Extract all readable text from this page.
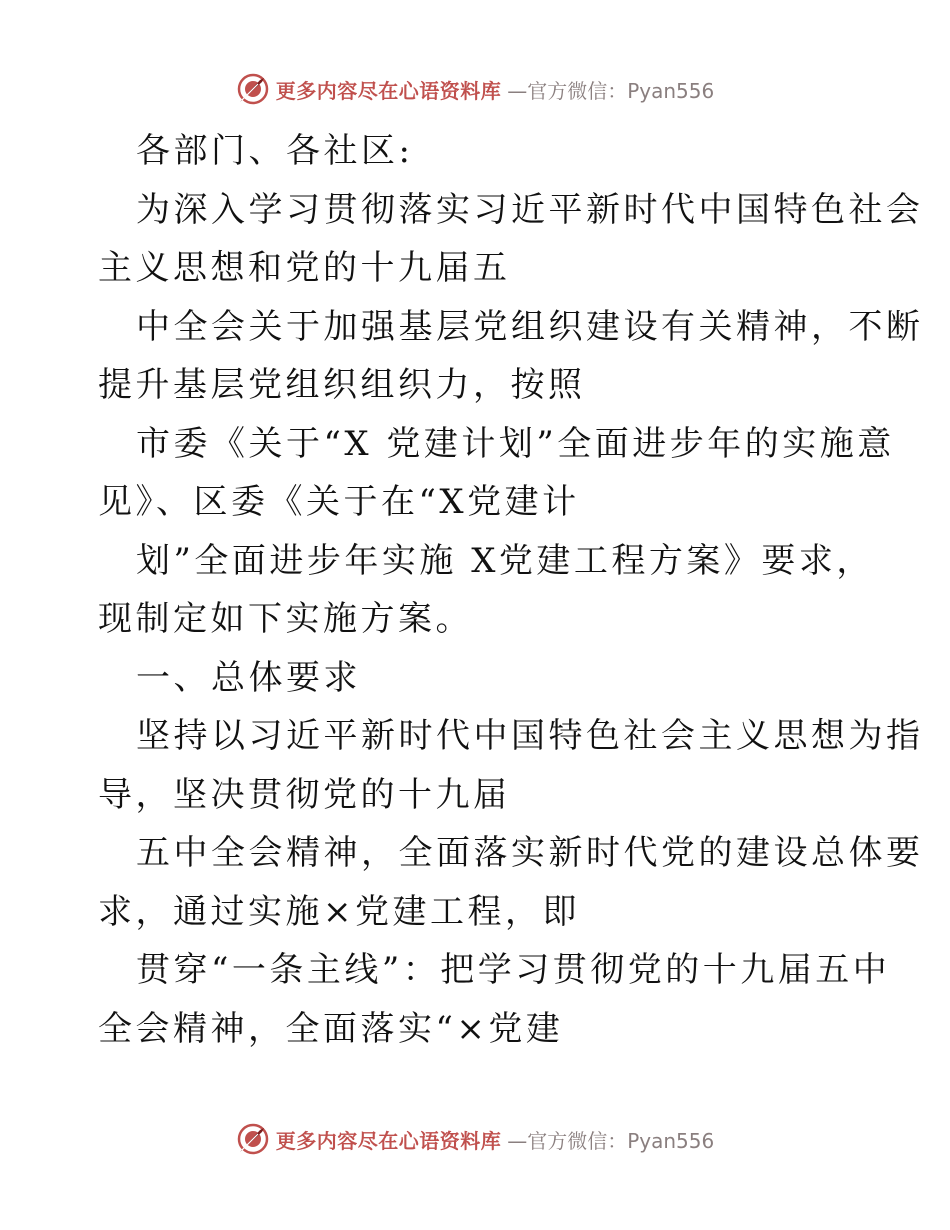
更多内容尽在心语资料库 —官方微信：Pyan556
各部门、各社区:
为深入学习贯彻落实习近平新时代中国特色社会
主义思想和党的十九届五
中全会关于加强基层党组织建设有关精神，不断
提升基层党组织组织力，按照
市委《关于“X 党建计划”全面进步年的实施意
见》、区委《关于在“X党建计
划”全面进步年实施 X党建工程方案》要求，
现制定如下实施方案。
一、总体要求
坚持以习近平新时代中国特色社会主义思想为指
导，坚决贯彻党的十九届
五中全会精神，全面落实新时代党的建设总体要
求，通过实施×党建工程，即
贯穿“一条主线”：把学习贯彻党的十九届五中
全会精神，全面落实“×党建
更多内容尽在心语资料库 —官方微信：Pyan556
